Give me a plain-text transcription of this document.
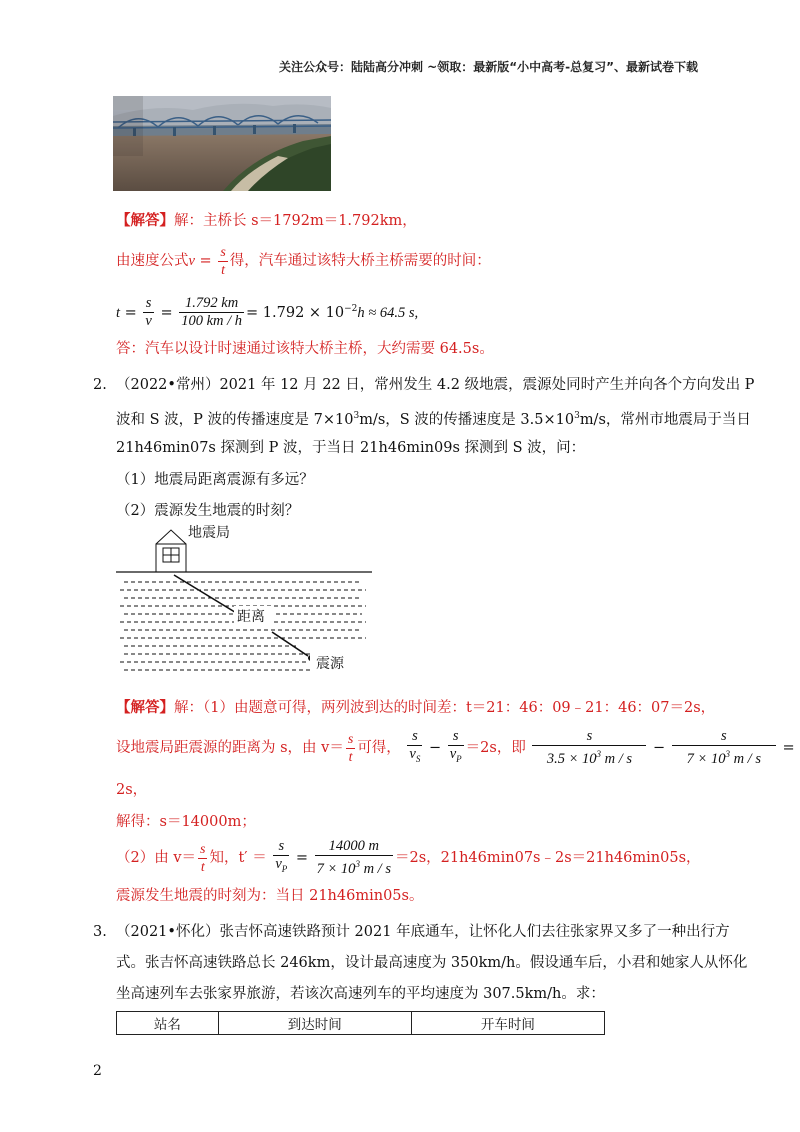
关注公众号：陆陆高分冲刺 ~领取：最新版“小中高考-总复习”、最新试卷下载
【解答】解：主桥长 s＝1792m＝1.792km，
由速度公式$v = \frac{s}{t}$ 得，汽车通过该特大桥主桥需要的时间：
$t = \frac{s}{v} = \frac{1.792 km}{100 km / h} = 1.792 \times 10^{-2}h \approx 64.5$ s,
答：汽车以设计时速通过该特大桥主桥，大约需要 64.5s。
2. （2022•常州）2021 年 12 月 22 日，常州发生 4.2 级地震，震源处同时产生并向各个方向发出 P
波和 S 波，P 波的传播速度是 $7\times 10^3m/s$，S 波的传播速度是 $3.5\times 10^3m/s$，常州市地震局于当日
21h46min07s 探测到 P 波，于当日 21h46min09s 探测到 S 波，问：
（1）地震局距离震源有多远？
（2）震源发生地震的时刻？
地震局
距离
震源
【解答】解：（1）由题意可得，两列波到达的时间差：t＝21：46：09﹣21：46：07＝2s，
设地震局距震源的距离为 s，由 $v= \frac{s}{t}$ 可得， $\frac{s}{v_S} - \frac{s}{v_P} =2s$，即 $\frac{s}{3.5 \times 10^3 m / s} - \frac{s}{7 \times 10^3 m / s}$ =
2s，
解得：s＝14000m；
（2）由 $v= \frac{s}{t}$ 知，$t' = \frac{s}{v_P} = \frac{14000 m}{7 \times 10^3 m / s} =2s$，21h46min07s﹣2s＝21h46min05s，
震源发生地震的时刻为：当日 21h46min05s。
3. （2021•怀化）张吉怀高速铁路预计 2021 年底通车，让怀化人们去往张家界又多了一种出行方
式。张吉怀高速铁路总长 246km，设计最高速度为 350km/h。假设通车后，小君和她家人从怀化
坐高速列车去张家界旅游，若该次高速列车的平均速度为 307.5km/h。求：
站名	到达时间	开车时间
2
